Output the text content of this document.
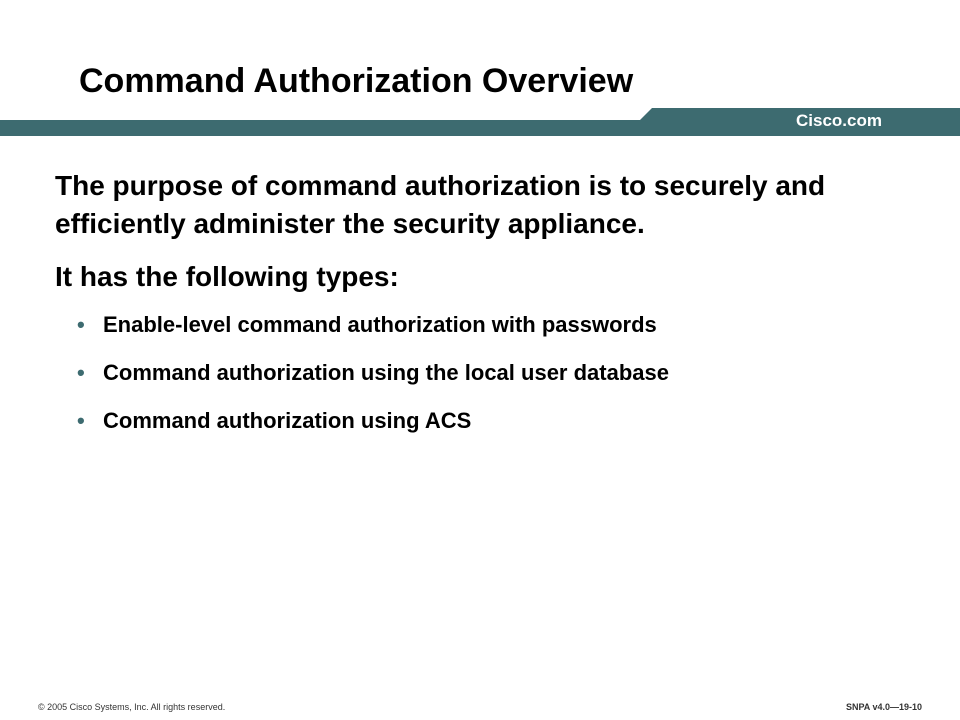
Command Authorization Overview
Cisco.com

The purpose of command authorization is to securely and efficiently administer the security appliance.

It has the following types:

• Enable-level command authorization with passwords
• Command authorization using the local user database
• Command authorization using ACS
© 2005 Cisco Systems, Inc. All rights reserved.	SNPA v4.0—19-10
